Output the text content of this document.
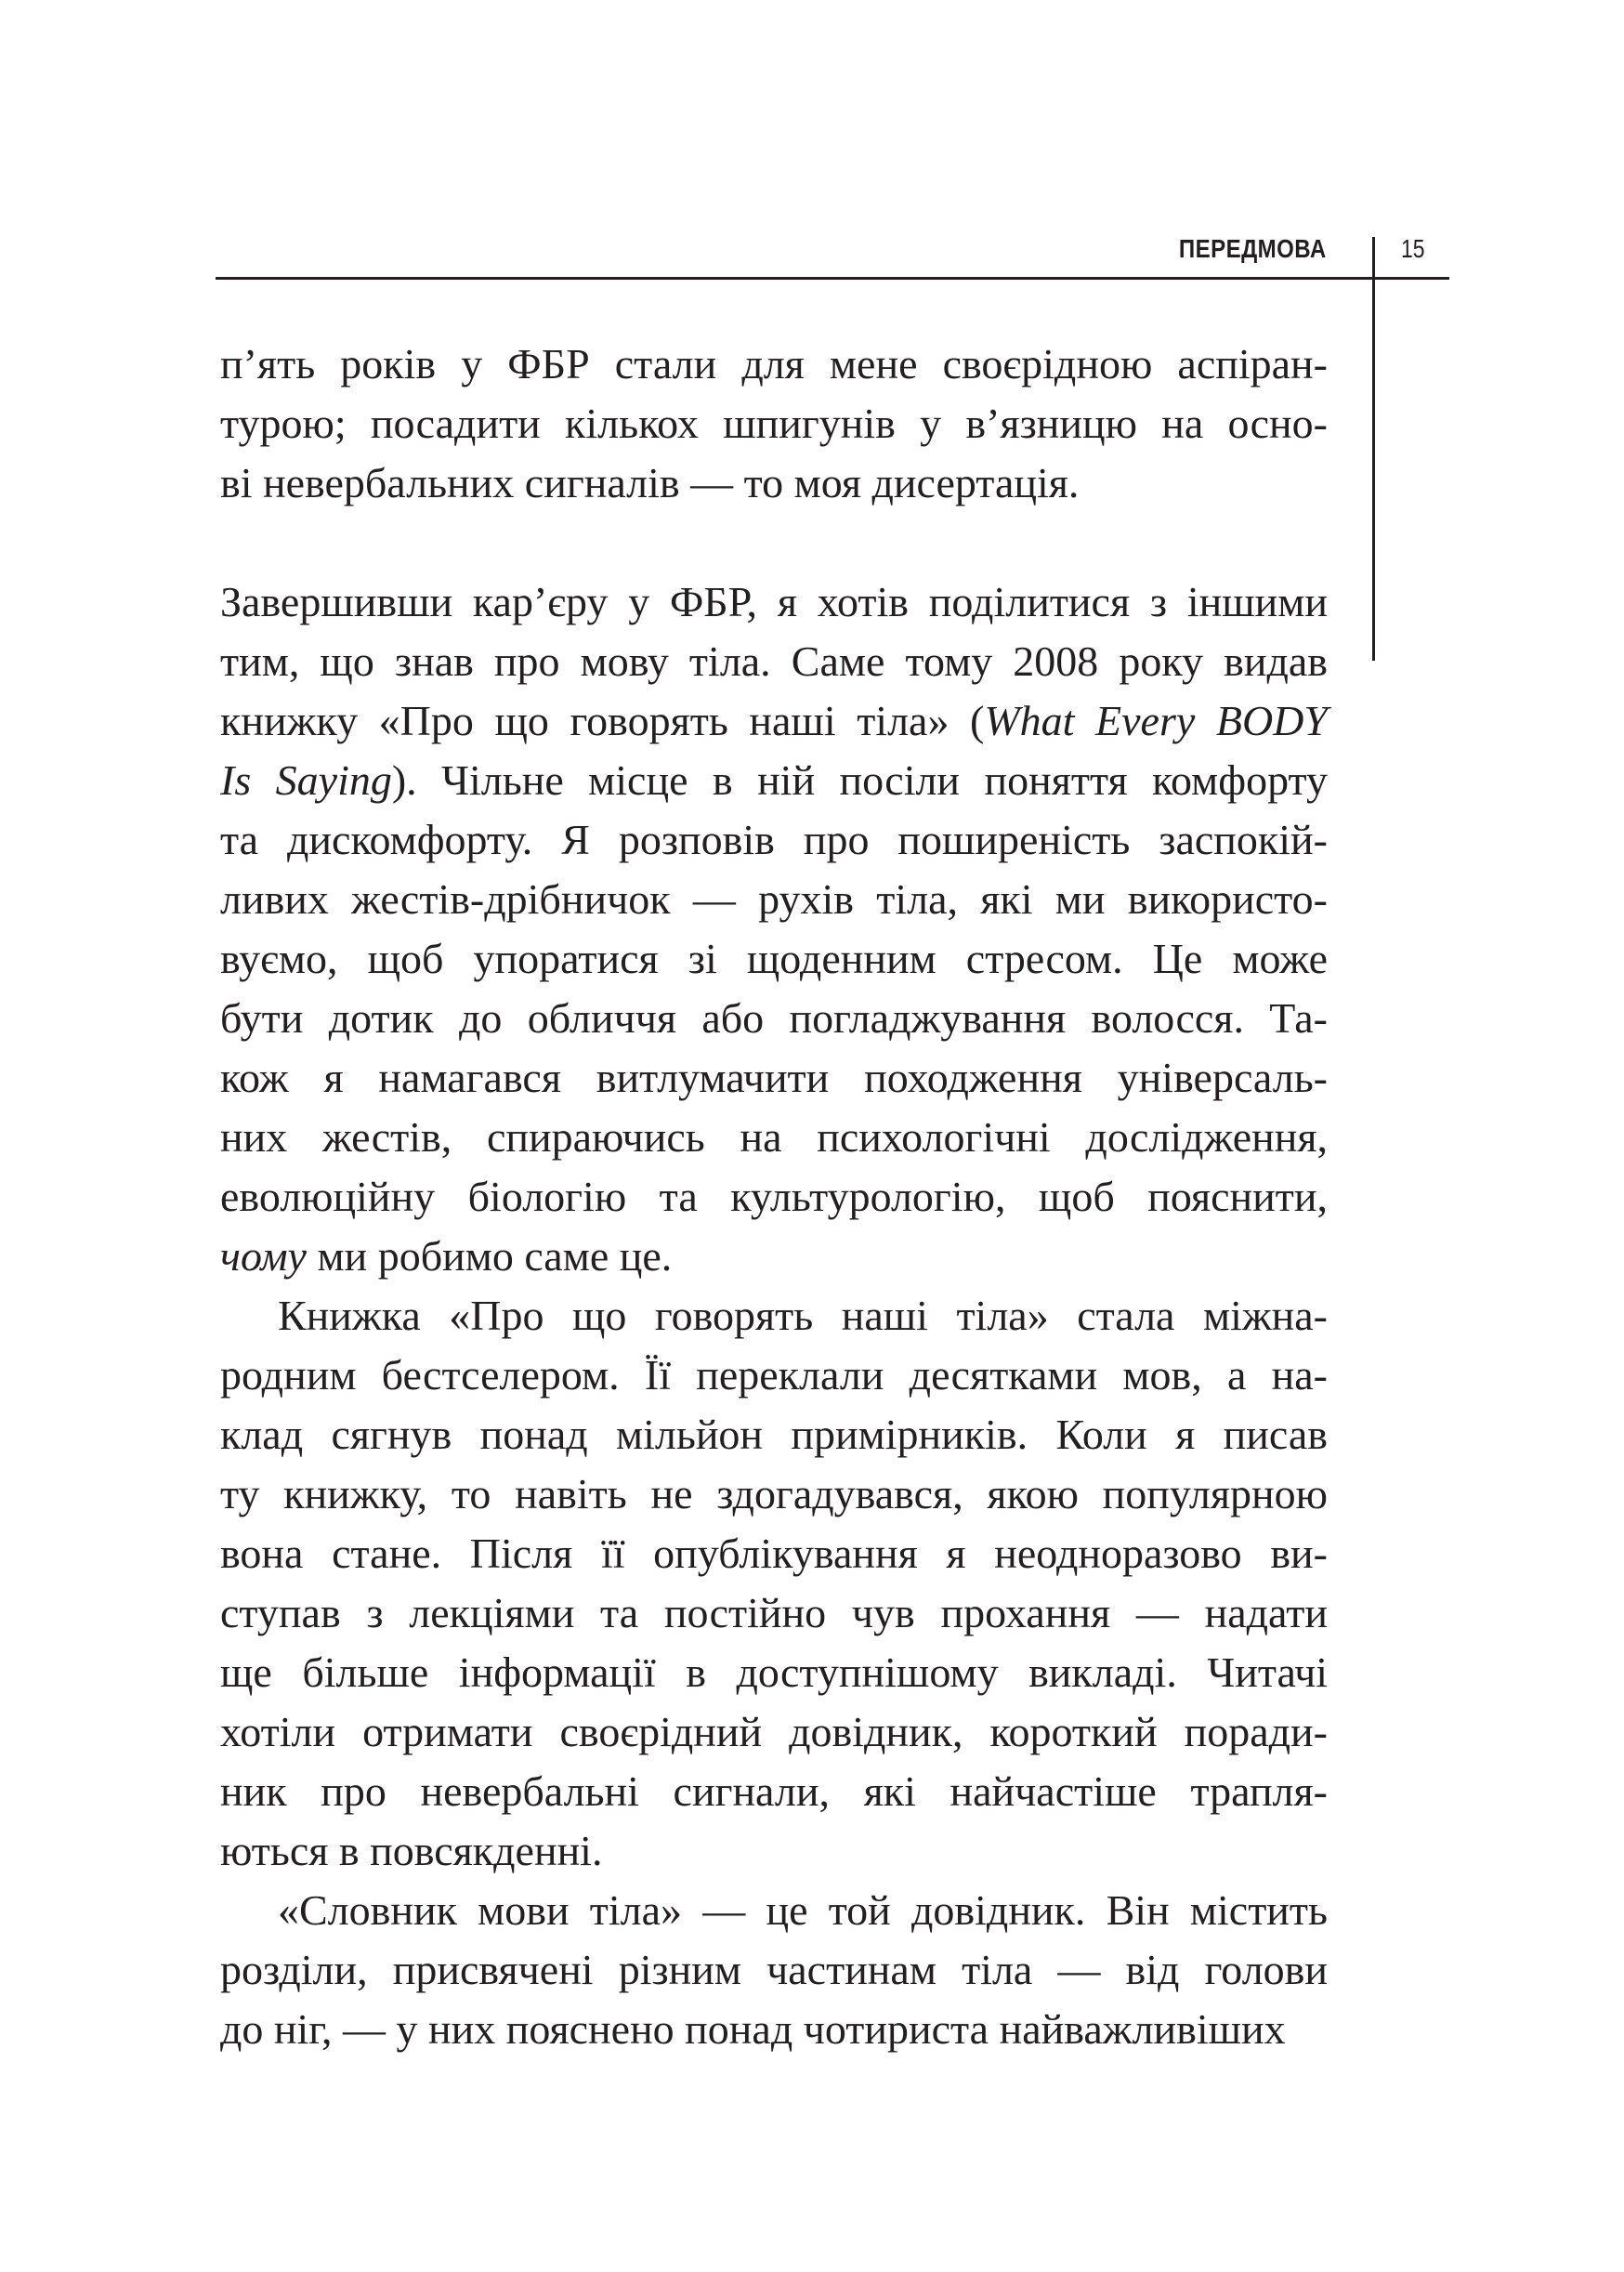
ПЕРЕДМОВА	15
п’ять років у ФБР стали для мене своєрідною аспіран-
турою; посадити кількох шпигунів у в’язницю на осно-
ві невербальних сигналів — то моя дисертація.
Завершивши кар’єру у ФБР, я хотів поділитися з іншими
тим, що знав про мову тіла. Саме тому 2008 року видав
книжку «Про що говорять наші тіла» (What Every BODY
Is Saying). Чільне місце в ній посіли поняття комфорту
та дискомфорту. Я розповів про поширеність заспокій-
ливих жестів-дрібничок — рухів тіла, які ми використо-
вуємо, щоб упоратися зі щоденним стресом. Це може
бути дотик до обличчя або погладжування волосся. Та-
кож я намагався витлумачити походження універсаль-
них жестів, спираючись на психологічні дослідження,
еволюційну біологію та культурологію, щоб пояснити,
чому ми робимо саме це.
Книжка «Про що говорять наші тіла» стала міжна-
родним бестселером. Її переклали десятками мов, а на-
клад сягнув понад мільйон примірників. Коли я писав
ту книжку, то навіть не здогадувався, якою популярною
вона стане. Після її опублікування я неодноразово ви-
ступав з лекціями та постійно чув прохання — надати
ще більше інформації в доступнішому викладі. Читачі
хотіли отримати своєрідний довідник, короткий поради-
ник про невербальні сигнали, які найчастіше трапля-
ються в повсякденні.
«Словник мови тіла» — це той довідник. Він містить
розділи, присвячені різним частинам тіла — від голови
до ніг, — у них пояснено понад чотириста найважливіших
